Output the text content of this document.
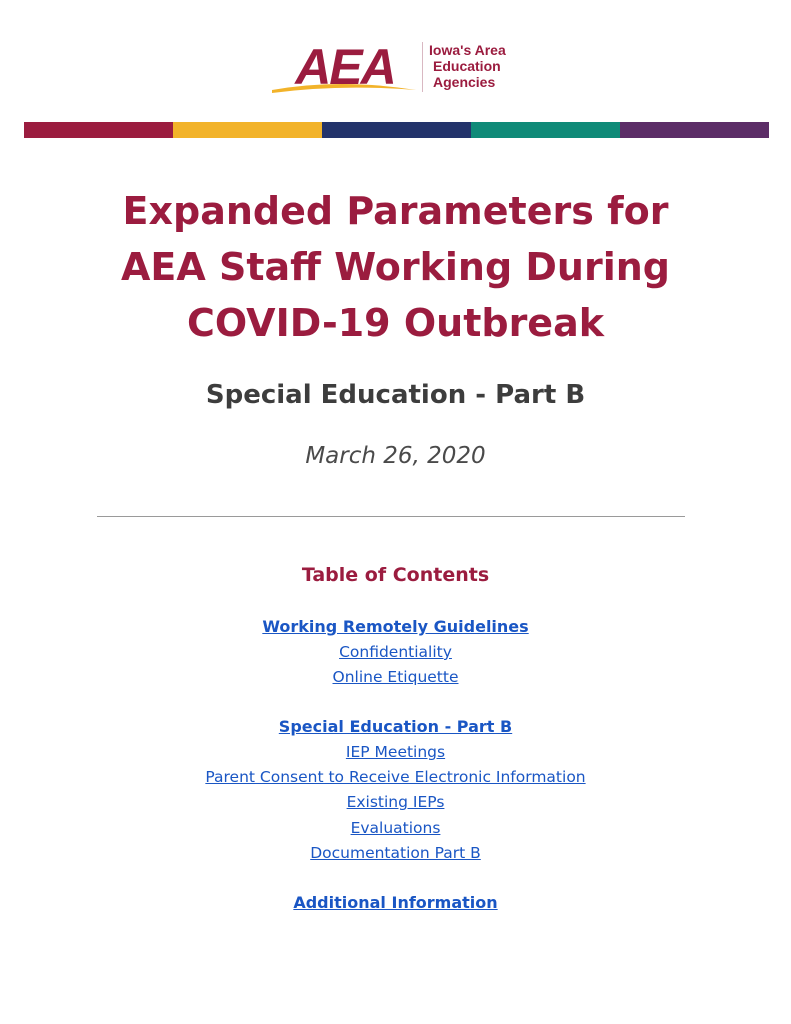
AEA Iowa's Area
Education
Agencies
Expanded Parameters for
AEA Staff Working During
COVID-19 Outbreak
Special Education - Part B
March 26, 2020
Table of Contents
Working Remotely Guidelines
Confidentiality
Online Etiquette
Special Education - Part B
IEP Meetings
Parent Consent to Receive Electronic Information
Existing IEPs
Evaluations
Documentation Part B
Additional Information
